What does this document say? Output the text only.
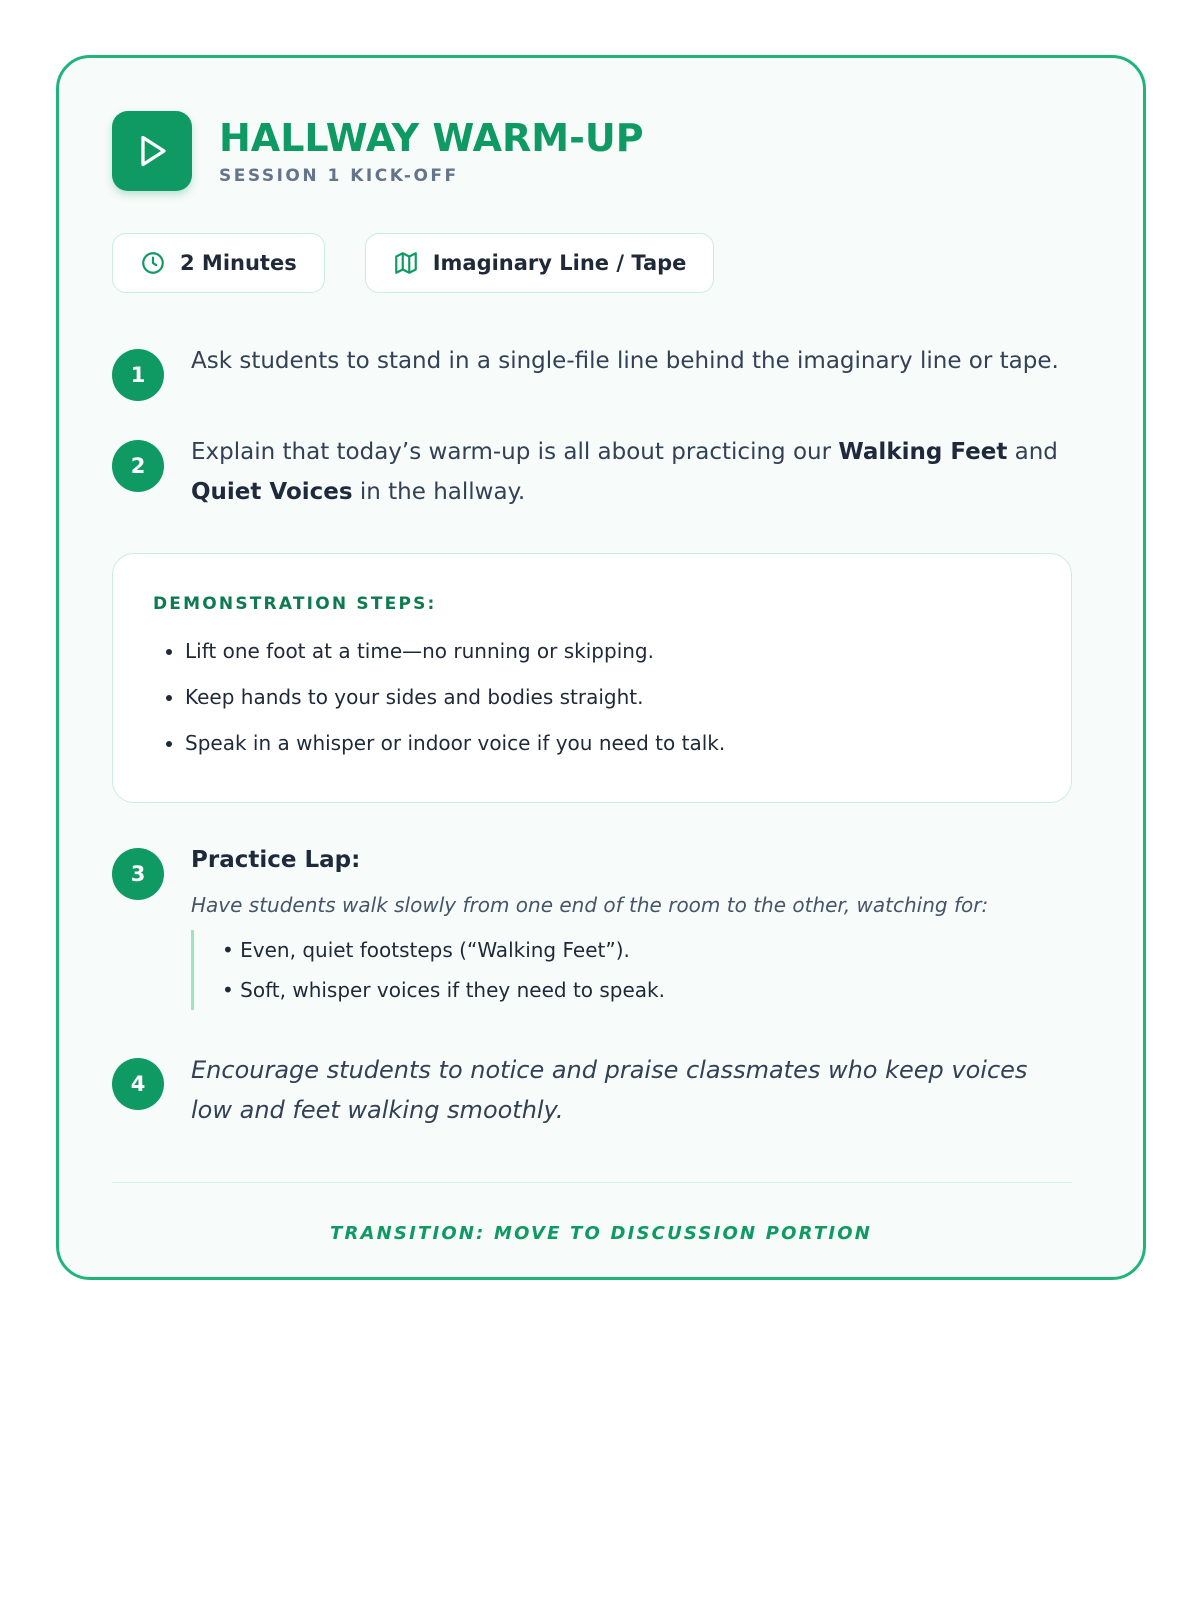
HALLWAY WARM-UP
SESSION 1 KICK-OFF
2 Minutes	Imaginary Line / Tape
1
Ask students to stand in a single-file line behind the imaginary line or tape.
2
Explain that today’s warm-up is all about practicing our Walking Feet and Quiet Voices in the hallway.
DEMONSTRATION STEPS:
• Lift one foot at a time—no running or skipping.
• Keep hands to your sides and bodies straight.
• Speak in a whisper or indoor voice if you need to talk.
3
Practice Lap:
Have students walk slowly from one end of the room to the other, watching for:
• Even, quiet footsteps (“Walking Feet”).
• Soft, whisper voices if they need to speak.
4	Encourage students to notice and praise classmates who keep voices low and feet walking smoothly.
TRANSITION: MOVE TO DISCUSSION PORTION
